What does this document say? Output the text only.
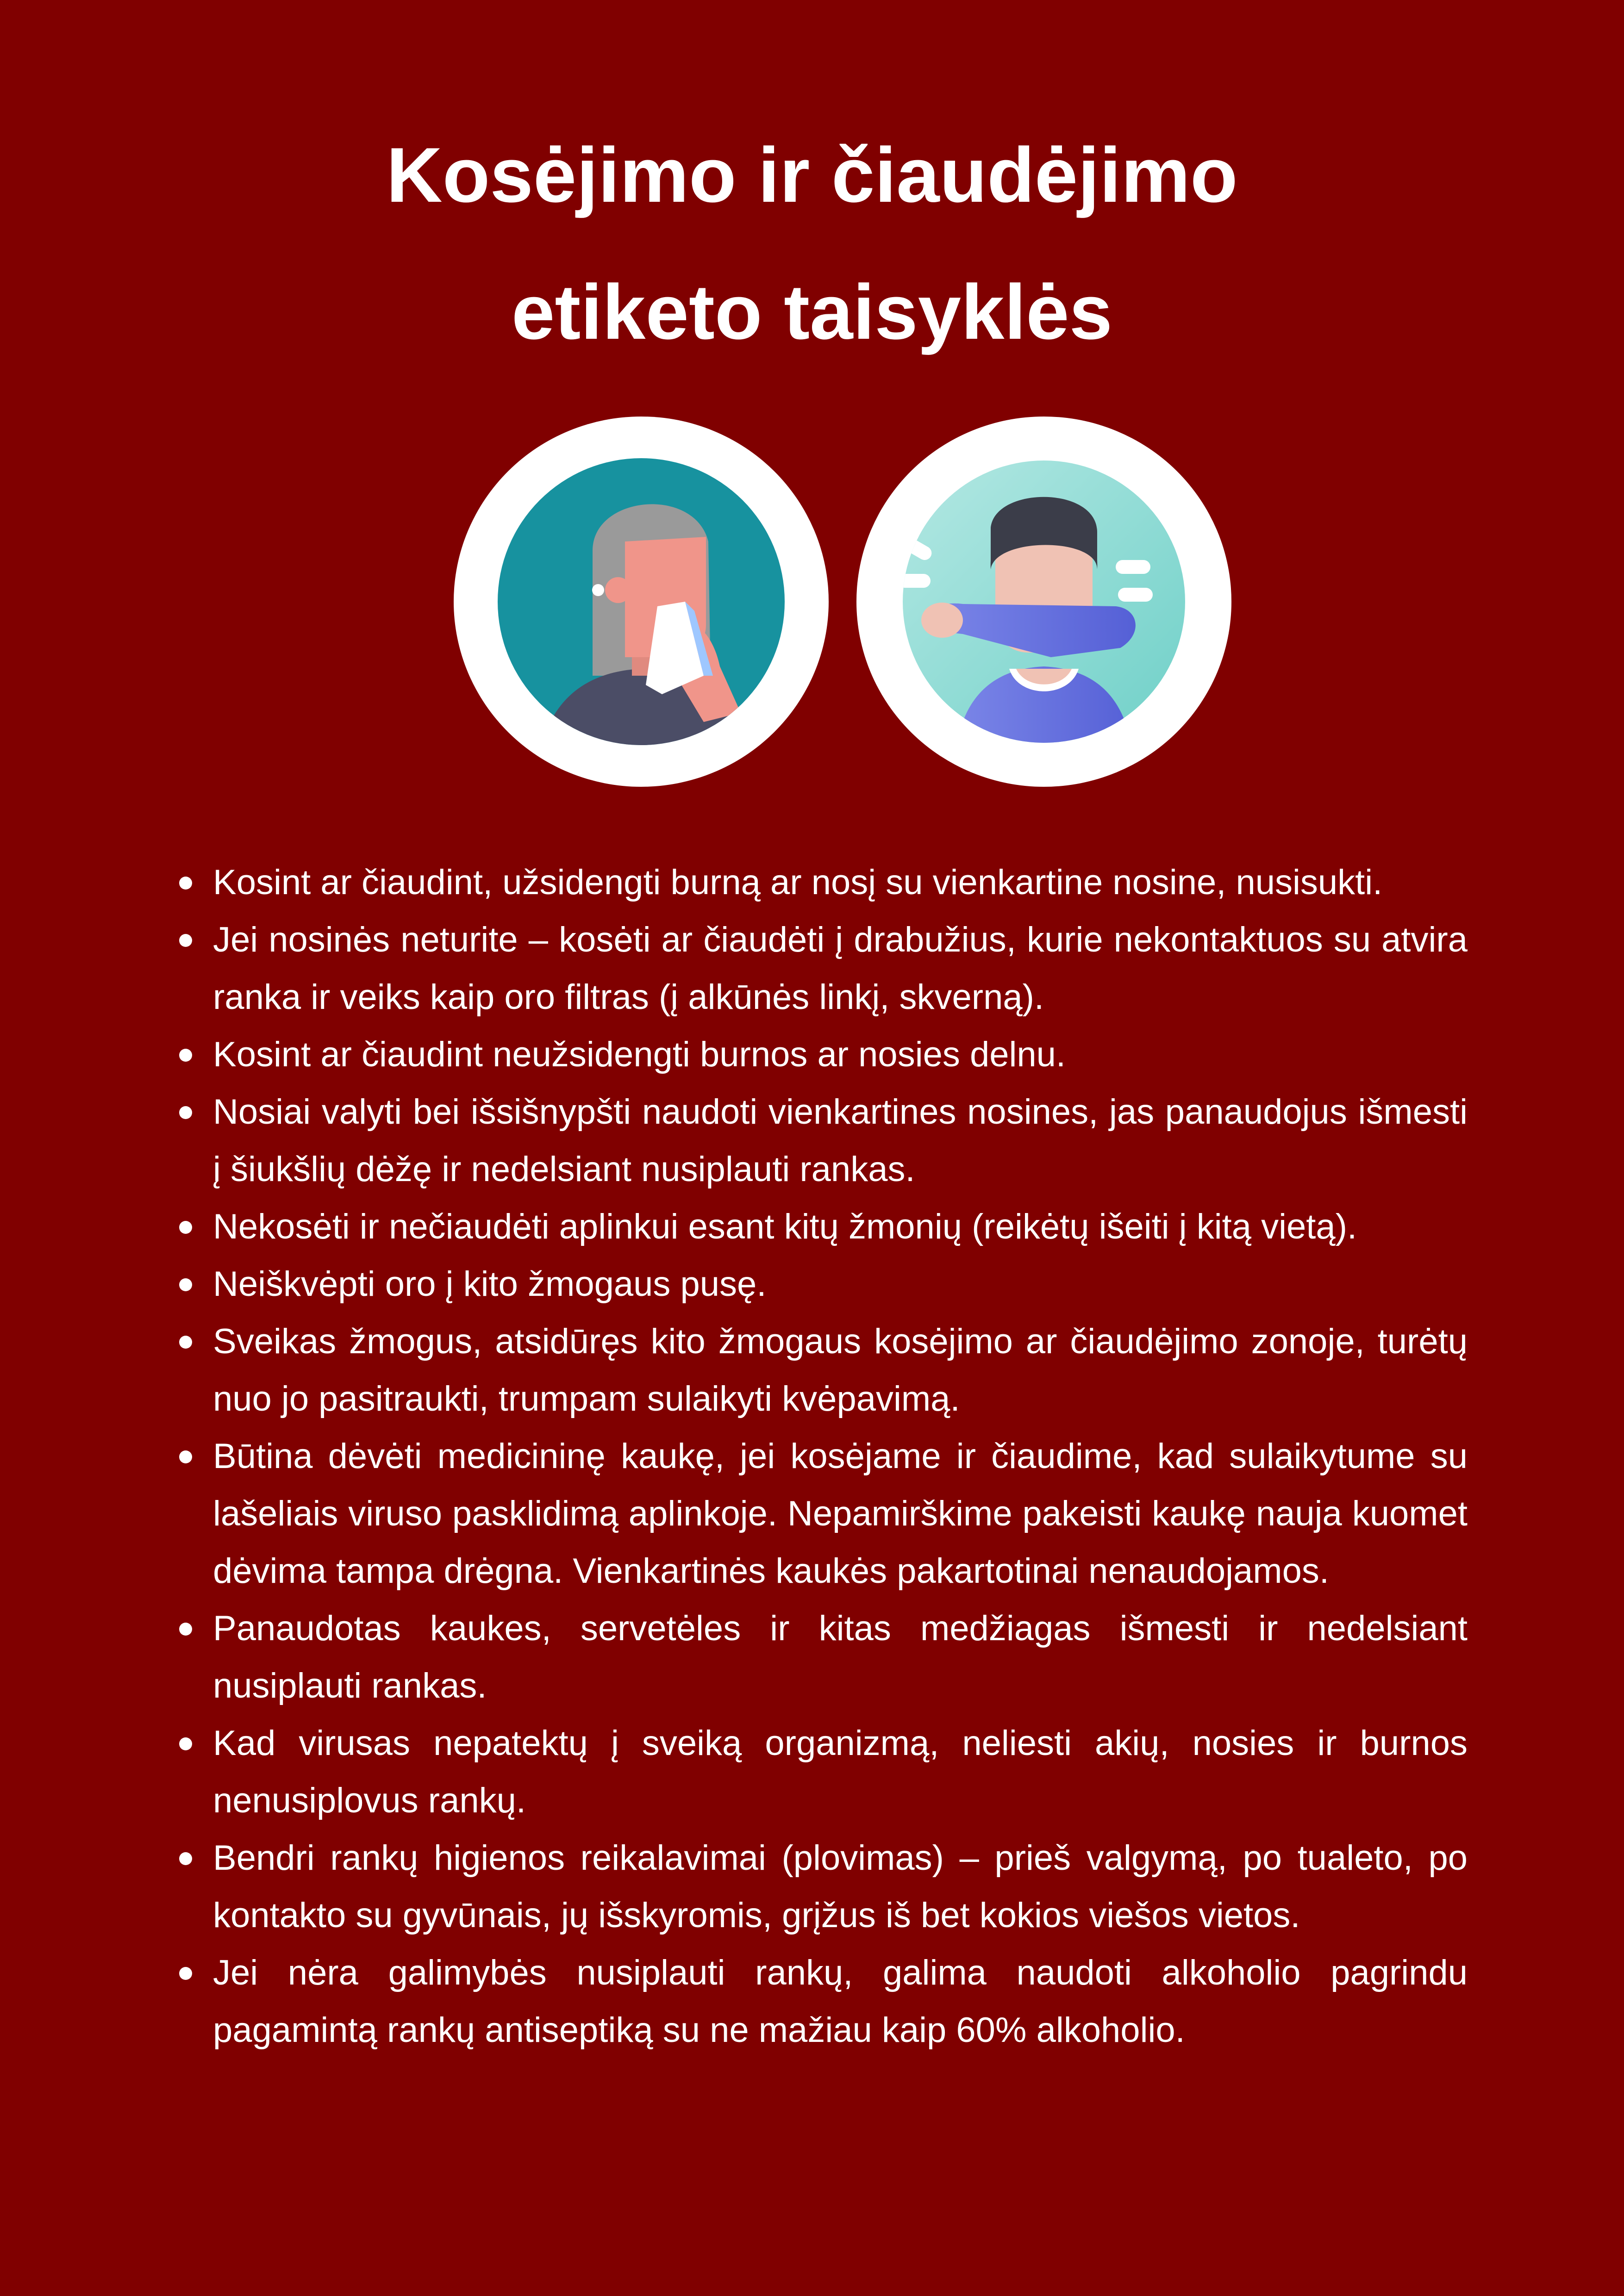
Kosėjimo ir čiaudėjimo
etiketo taisyklės
Kosint ar čiaudint, užsidengti burną ar nosį su vienkartine nosine, nusisukti.
Jei nosinės neturite – kosėti ar čiaudėti į drabužius, kurie nekontaktuos su atvira ranka ir veiks kaip oro filtras (į alkūnės linkį, skverną).
Kosint ar čiaudint neužsidengti burnos ar nosies delnu.
Nosiai valyti bei išsišnypšti naudoti vienkartines nosines, jas panaudojus išmesti į šiukšlių dėžę ir nedelsiant nusiplauti rankas.
Nekosėti ir nečiaudėti aplinkui esant kitų žmonių (reikėtų išeiti į kitą vietą).
Neiškvėpti oro į kito žmogaus pusę.
Sveikas žmogus, atsidūręs kito žmogaus kosėjimo ar čiaudėjimo zonoje, turėtų nuo jo pasitraukti, trumpam sulaikyti kvėpavimą.
Būtina dėvėti medicininę kaukę, jei kosėjame ir čiaudime, kad sulaikytume su lašeliais viruso pasklidimą aplinkoje. Nepamirškime pakeisti kaukę nauja kuomet dėvima tampa drėgna. Vienkartinės kaukės pakartotinai nenaudojamos.
Panaudotas kaukes, servetėles ir kitas medžiagas išmesti ir nedelsiant nusiplauti rankas.
Kad virusas nepatektų į sveiką organizmą, neliesti akių, nosies ir burnos nenusiplovus rankų.
Bendri rankų higienos reikalavimai (plovimas) – prieš valgymą, po tualeto, po kontakto su gyvūnais, jų išskyromis, grįžus iš bet kokios viešos vietos.
Jei nėra galimybės nusiplauti rankų, galima naudoti alkoholio pagrindu pagamintą rankų antiseptiką su ne mažiau kaip 60% alkoholio.
